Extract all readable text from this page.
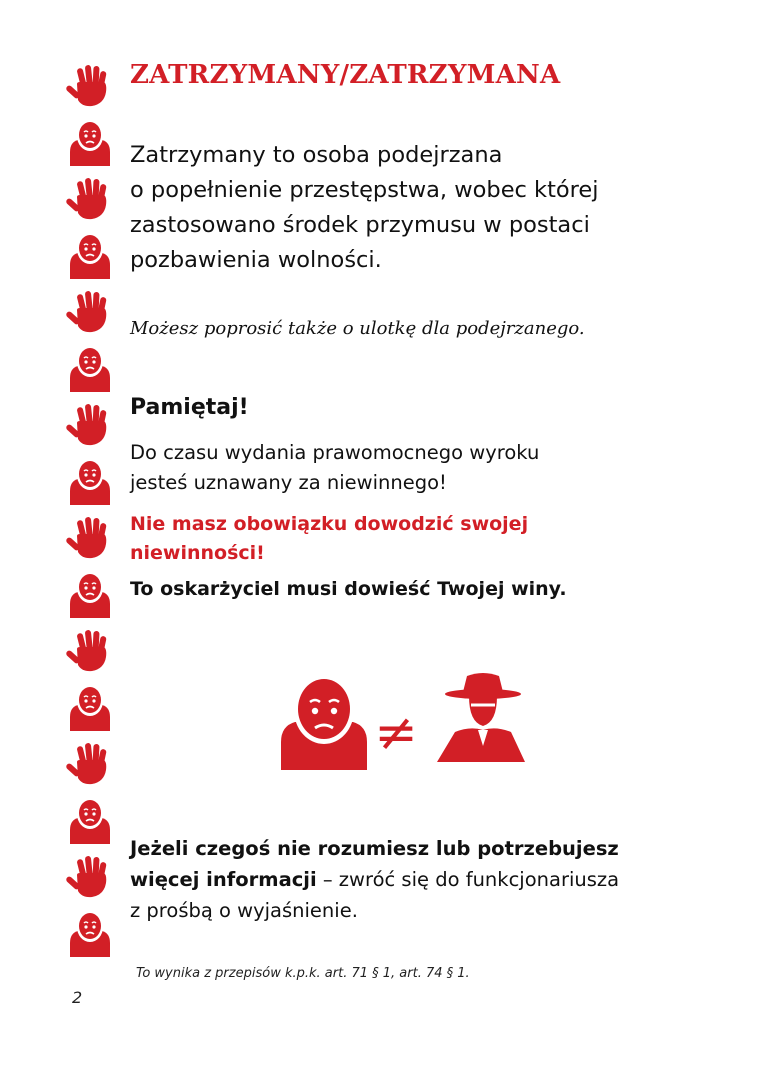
ZATRZYMANY/ZATRZYMANA

Zatrzymany to osoba podejrzana
o popełnienie przestępstwa, wobec której
zastosowano środek przymusu w postaci
pozbawienia wolności.

Możesz poprosić także o ulotkę dla podejrzanego.

Pamiętaj!

Do czasu wydania prawomocnego wyroku
jesteś uznawany za niewinnego!

Nie masz obowiązku dowodzić swojej
niewinności!

To oskarżyciel musi dowieść Twojej winy.

≠

Jeżeli czegoś nie rozumiesz lub potrzebujesz
więcej informacji – zwróć się do funkcjonariusza
z prośbą o wyjaśnienie.

To wynika z przepisów k.p.k. art. 71 § 1, art. 74 § 1.

2
